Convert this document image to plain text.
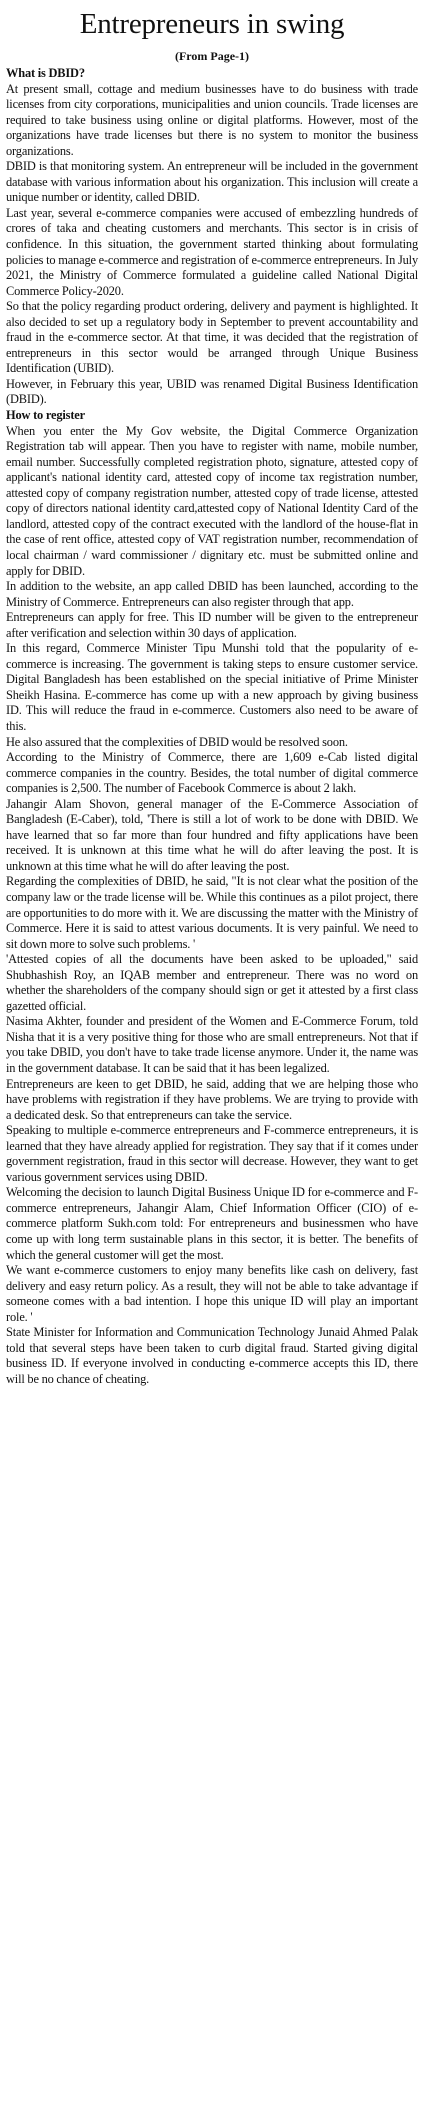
Entrepreneurs in swing
(From Page-1)
What is DBID?

At present small, cottage and medium businesses have to do business with trade licenses from city corporations, municipalities and union councils. Trade licenses are required to take business using online or digital platforms. However, most of the organizations have trade licenses but there is no system to monitor the business organizations.

DBID is that monitoring system. An entrepreneur will be included in the government database with various information about his organization. This inclusion will create a unique number or identity, called DBID.

Last year, several e-commerce companies were accused of embezzling hundreds of crores of taka and cheating customers and merchants. This sector is in crisis of confidence. In this situation, the government started thinking about formulating policies to manage e-commerce and registration of e-commerce entrepreneurs. In July 2021, the Ministry of Commerce formulated a guideline called National Digital Commerce Policy-2020.

So that the policy regarding product ordering, delivery and payment is highlighted. It also decided to set up a regulatory body in September to prevent accountability and fraud in the e-commerce sector. At that time, it was decided that the registration of entrepreneurs in this sector would be arranged through Unique Business Identification (UBID).

However, in February this year, UBID was renamed Digital Business Identification (DBID).

How to register

When you enter the My Gov website, the Digital Commerce Organization Registration tab will appear. Then you have to register with name, mobile number, email number. Successfully completed registration photo, signature, attested copy of applicant's national identity card, attested copy of income tax registration number, attested copy of company registration number, attested copy of trade license, attested copy of directors national identity card,attested copy of National Identity Card of the landlord, attested copy of the contract executed with the landlord of the house-flat in the case of rent office, attested copy of VAT registration number, recommendation of local chairman / ward commissioner / dignitary etc. must be submitted online and apply for DBID.

In addition to the website, an app called DBID has been launched, according to the Ministry of Commerce. Entrepreneurs can also register through that app.

Entrepreneurs can apply for free. This ID number will be given to the entrepreneur after verification and selection within 30 days of application.

In this regard, Commerce Minister Tipu Munshi told that the popularity of e-commerce is increasing. The government is taking steps to ensure customer service. Digital Bangladesh has been established on the special initiative of Prime Minister Sheikh Hasina. E-commerce has come up with a new approach by giving business ID. This will reduce the fraud in e-commerce. Customers also need to be aware of this.

He also assured that the complexities of DBID would be resolved soon.

According to the Ministry of Commerce, there are 1,609 e-Cab listed digital commerce companies in the country. Besides, the total number of digital commerce companies is 2,500. The number of Facebook Commerce is about 2 lakh.

Jahangir Alam Shovon, general manager of the E-Commerce Association of Bangladesh (E-Caber), told, 'There is still a lot of work to be done with DBID. We have learned that so far more than four hundred and fifty applications have been received. It is unknown at this time what he will do after leaving the post. It is unknown at this time what he will do after leaving the post.

Regarding the complexities of DBID, he said, "It is not clear what the position of the company law or the trade license will be. While this continues as a pilot project, there are opportunities to do more with it. We are discussing the matter with the Ministry of Commerce. Here it is said to attest various documents. It is very painful. We need to sit down more to solve such problems. '

'Attested copies of all the documents have been asked to be uploaded," said Shubhashish Roy, an IQAB member and entrepreneur. There was no word on whether the shareholders of the company should sign or get it attested by a first class gazetted official.

Nasima Akhter, founder and president of the Women and E-Commerce Forum, told Nisha that it is a very positive thing for those who are small entrepreneurs. Not that if you take DBID, you don't have to take trade license anymore. Under it, the name was in the government database. It can be said that it has been legalized.

Entrepreneurs are keen to get DBID, he said, adding that we are helping those who have problems with registration if they have problems. We are trying to provide with a dedicated desk. So that entrepreneurs can take the service.

Speaking to multiple e-commerce entrepreneurs and F-commerce entrepreneurs, it is learned that they have already applied for registration. They say that if it comes under government registration, fraud in this sector will decrease. However, they want to get various government services using DBID.

Welcoming the decision to launch Digital Business Unique ID for e-commerce and F-commerce entrepreneurs, Jahangir Alam, Chief Information Officer (CIO) of e-commerce platform Sukh.com told: For entrepreneurs and businessmen who have come up with long term sustainable plans in this sector, it is better. The benefits of which the general customer will get the most.

We want e-commerce customers to enjoy many benefits like cash on delivery, fast delivery and easy return policy. As a result, they will not be able to take advantage if someone comes with a bad intention. I hope this unique ID will play an important role. '

State Minister for Information and Communication Technology Junaid Ahmed Palak told that several steps have been taken to curb digital fraud. Started giving digital business ID. If everyone involved in conducting e-commerce accepts this ID, there will be no chance of cheating.
